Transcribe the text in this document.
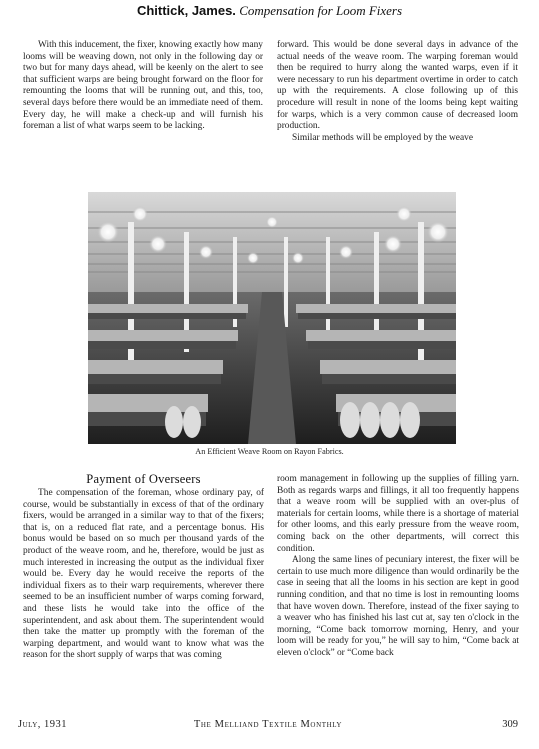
Chittick, James. Compensation for Loom Fixers

With this inducement, the fixer, knowing exactly how many looms will be weaving down, not only in the following day or two but for many days ahead, will be keenly on the alert to see that sufficient warps are being brought forward on the floor for remounting the looms that will be running out, and this, too, several days before there would be an immediate need of them. Every day, he will make a check-up and will furnish his foreman a list of what warps seem to be lacking.

forward. This would be done several days in advance of the actual needs of the weave room. The warping foreman would then be required to hurry along the wanted warps, even if it were necessary to run his department overtime in order to catch up with the requirements. A close following up of this procedure will result in none of the looms being kept waiting for warps, which is a very common cause of decreased loom production.

Similar methods will be employed by the weave

An Efficient Weave Room on Rayon Fabrics.
Payment of Overseers

The compensation of the foreman, whose ordinary pay, of course, would be substantially in excess of that of the ordinary fixers, would be arranged in a similar way to that of the fixers; that is, on a reduced flat rate, and a percentage bonus. His bonus would be based on so much per thousand yards of the product of the weave room, and he, therefore, would be just as much interested in increasing the output as the individual fixer would be. Every day he would receive the reports of the individual fixers as to their warp requirements, wherever there seemed to be an insufficient number of warps coming forward, and these lists he would take into the office of the superintendent, and ask about them. The superintendent would then take the matter up promptly with the foreman of the warping department, and would want to know what was the reason for the short supply of warps that was coming

room management in following up the supplies of filling yarn. Both as regards warps and fillings, it all too frequently happens that a weave room will be supplied with an over-plus of materials for certain looms, while there is a shortage of material for other looms, and this early pressure from the weave room, coming back on the other departments, will correct this condition.

Along the same lines of pecuniary interest, the fixer will be certain to use much more diligence than would ordinarily be the case in seeing that all the looms in his section are kept in good running condition, and that no time is lost in remounting looms that have woven down. Therefore, instead of the fixer saying to a weaver who has finished his last cut at, say ten o'clock in the morning, “Come back tomorrow morning, Henry, and your loom will be ready for you,” he will say to him, “Come back at eleven o'clock” or “Come back

July, 1931	The Melliand Textile Monthly	309
